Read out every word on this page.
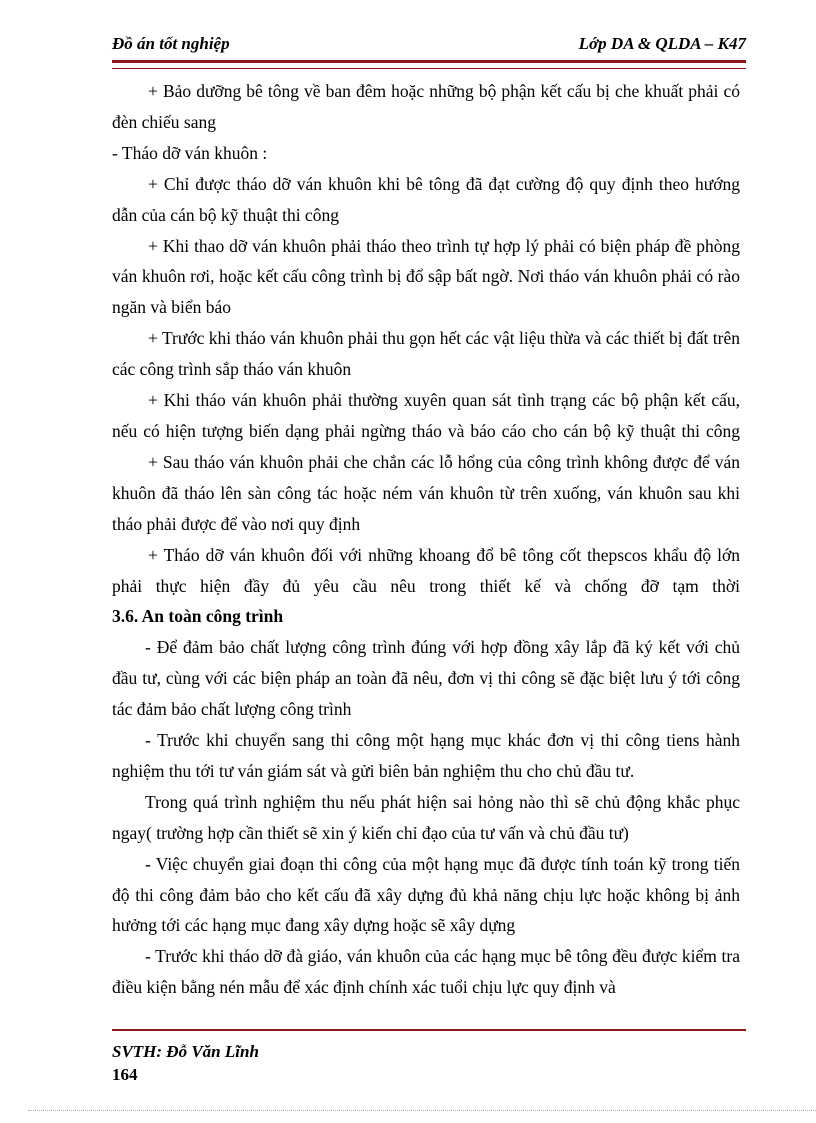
Đồ án tốt nghiệp	Lớp DA & QLDA – K47

+ Bảo dưỡng bê tông về ban đêm hoặc những bộ phận kết cấu bị che khuất phải có đèn chiếu sang

- Tháo dỡ ván khuôn :

+ Chỉ được tháo dỡ ván khuôn khi bê tông đã đạt cường độ quy định theo hướng dẫn của cán bộ kỹ thuật thi công

+ Khi thao dỡ ván khuôn phải tháo theo trình tự hợp lý phải có biện pháp đề phòng ván khuôn rơi, hoặc kết cấu công trình bị đổ sập bất ngờ. Nơi tháo ván khuôn phải có rào ngăn và biển báo

+ Trước khi tháo ván khuôn phải thu gọn hết các vật liệu thừa và các thiết bị đất trên các công trình sắp tháo ván khuôn

+ Khi tháo ván khuôn phải thường xuyên quan sát tình trạng các bộ phận kết cấu, nếu có hiện tượng biến dạng phải ngừng tháo và báo cáo cho cán bộ kỹ thuật thi công

+ Sau tháo ván khuôn phải che chắn các lỗ hổng của công trình không được để ván khuôn đã tháo lên sàn công tác hoặc ném ván khuôn từ trên xuống, ván khuôn sau khi tháo phải được để vào nơi quy định

+ Tháo dỡ ván khuôn đối với những khoang đổ bê tông cốt thepscos khẩu độ lớn phải thực hiện đầy đủ yêu cầu nêu trong thiết kế và chống đỡ tạm thời

3.6. An toàn công trình

- Để đảm bảo chất lượng công trình đúng với hợp đồng xây lắp đã ký kết với chủ đầu tư, cùng với các biện pháp an toàn đã nêu, đơn vị thi công sẽ đặc biệt lưu ý tới công tác đảm bảo chất lượng công trình

- Trước khi chuyển sang thi công một hạng mục khác đơn vị thi công tiens hành nghiệm thu tới tư ván giám sát và gửi biên bản nghiệm thu cho chủ đầu tư.

Trong quá trình nghiệm thu nếu phát hiện sai hỏng nào thì sẽ chủ động khắc phục ngay( trường hợp cần thiết sẽ xin ý kiến chỉ đạo của tư vấn và chủ đầu tư)

- Việc chuyển giai đoạn thi công của một hạng mục đã được tính toán kỹ trong tiến độ thi công đảm bảo cho kết cấu đã xây dựng đủ khả năng chịu lực hoặc không bị ảnh hưởng tới các hạng mục đang xây dựng hoặc sẽ xây dựng

- Trước khi tháo dỡ đà giáo, ván khuôn của các hạng mục bê tông đều được kiểm tra điều kiện bằng nén mẫu để xác định chính xác tuổi chịu lực quy định và

SVTH: Đỗ Văn Lĩnh
164
